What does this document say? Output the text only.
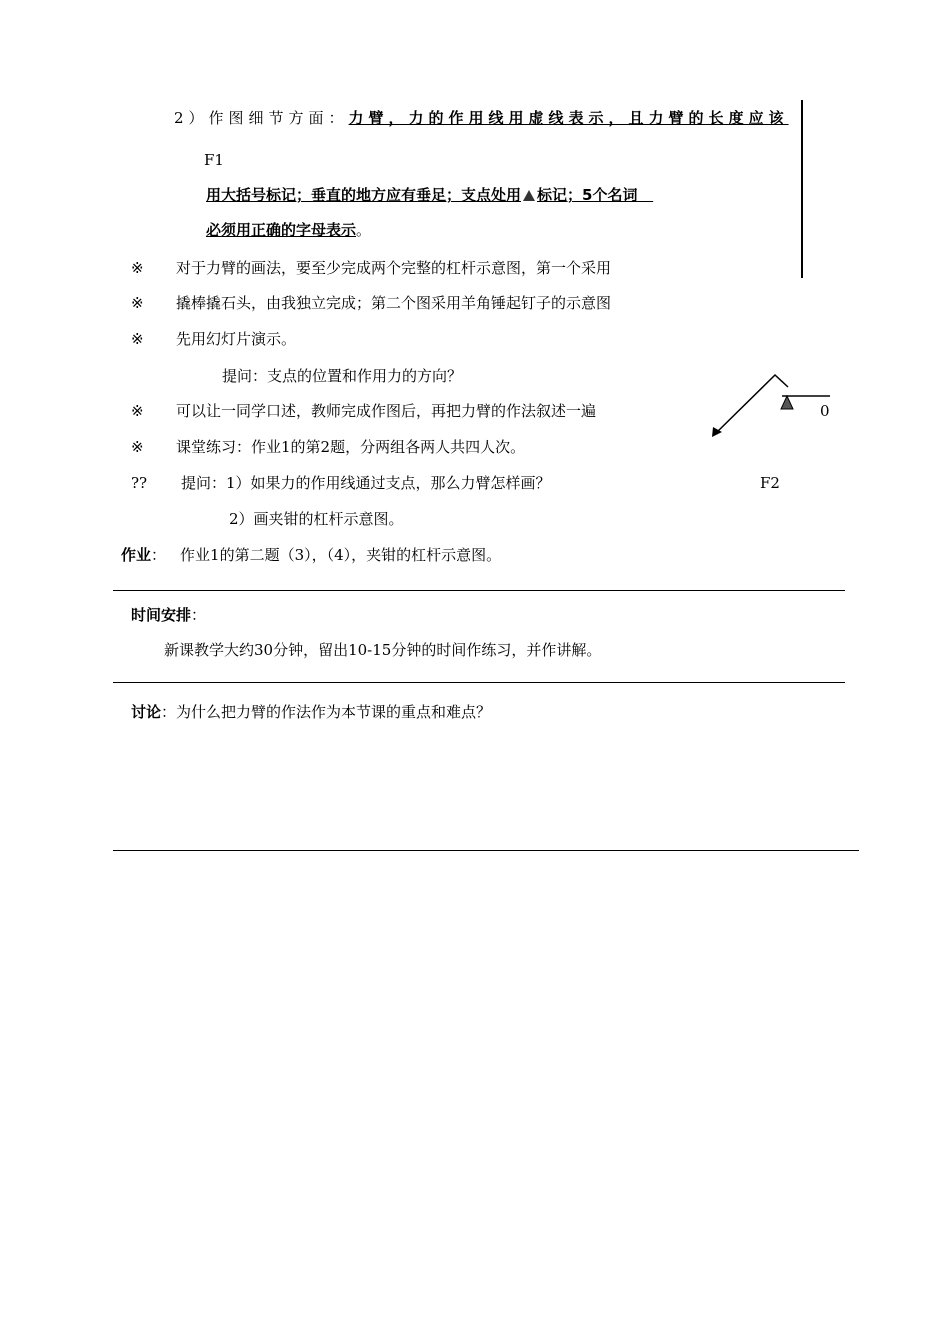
2）作图细节方面：力臂，力的作用线用虚线表示，且力臂的长度应该
F1
用大括号标记；垂直的地方应有垂足；支点处用 标记；5个名词
必须用正确的字母表示。
※ 对于力臂的画法，要至少完成两个完整的杠杆示意图，第一个采用
※ 撬棒撬石头，由我独立完成；第二个图采用羊角锤起钉子的示意图
※ 先用幻灯片演示。
提问：支点的位置和作用力的方向？
※ 可以让一同学口述，教师完成作图后，再把力臂的作法叙述一遍	0
※ 课堂练习：作业1的第2题，分两组各两人共四人次。
?? 提问：1）如果力的作用线通过支点，那么力臂怎样画？	F2
2）画夹钳的杠杆示意图。
作业： 作业1的第二题（3），（4），夹钳的杠杆示意图。
时间安排：
新课教学大约30分钟，留出10-15分钟的时间作练习，并作讲解。
讨论：为什么把力臂的作法作为本节课的重点和难点？
